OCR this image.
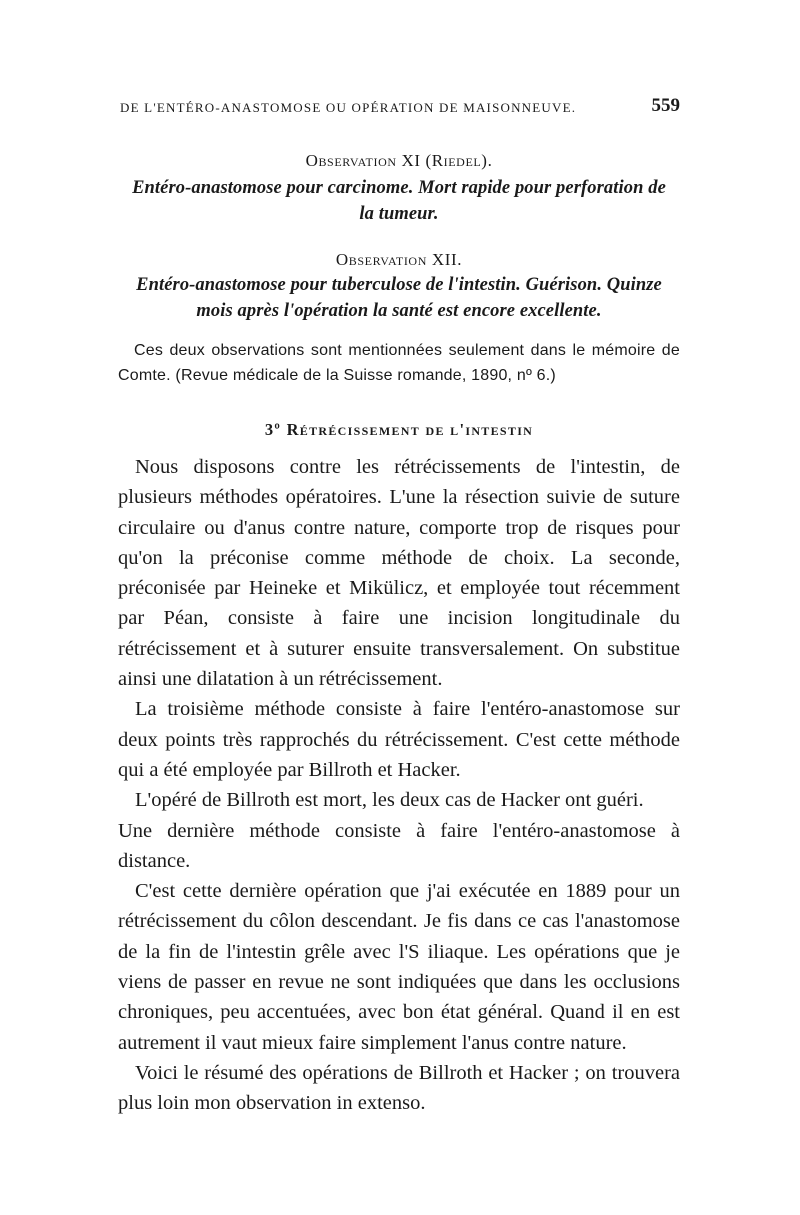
DE L'ENTÉRO-ANASTOMOSE OU OPÉRATION DE MAISONNEUVE.	559
Observation XI (Riedel).
Entéro-anastomose pour carcinome. Mort rapide pour perforation de la tumeur.
Observation XII.
Entéro-anastomose pour tuberculose de l'intestin. Guérison. Quinze mois après l'opération la santé est encore excellente.
Ces deux observations sont mentionnées seulement dans le mémoire de Comte. (Revue médicale de la Suisse romande, 1890, nº 6.)
3º Rétrécissement de l'intestin

Nous disposons contre les rétrécissements de l'intestin, de plusieurs méthodes opératoires. L'une la résection suivie de suture circulaire ou d'anus contre nature, comporte trop de risques pour qu'on la préconise comme méthode de choix. La seconde, préconisée par Heineke et Mikülicz, et employée tout récemment par Péan, consiste à faire une incision longitudinale du rétrécissement et à suturer ensuite transversalement. On substitue ainsi une dilatation à un rétrécissement.

La troisième méthode consiste à faire l'entéro-anastomose sur deux points très rapprochés du rétrécissement. C'est cette méthode qui a été employée par Billroth et Hacker.

L'opéré de Billroth est mort, les deux cas de Hacker ont guéri.

Une dernière méthode consiste à faire l'entéro-anastomose à distance.

C'est cette dernière opération que j'ai exécutée en 1889 pour un rétrécissement du côlon descendant. Je fis dans ce cas l'anastomose de la fin de l'intestin grêle avec l'S iliaque. Les opérations que je viens de passer en revue ne sont indiquées que dans les occlusions chroniques, peu accentuées, avec bon état général. Quand il en est autrement il vaut mieux faire simplement l'anus contre nature.

Voici le résumé des opérations de Billroth et Hacker ; on trouvera plus loin mon observation in extenso.
